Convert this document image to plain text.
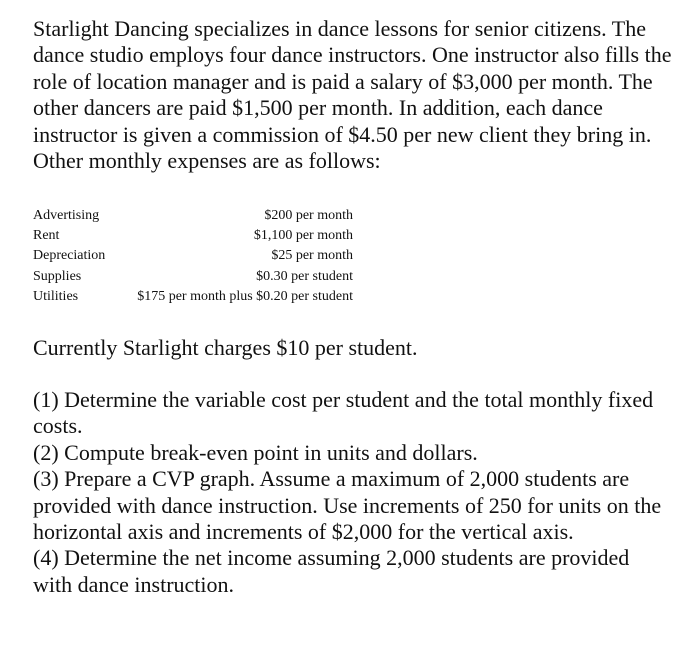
Starlight Dancing specializes in dance lessons for senior citizens. The dance studio employs four dance instructors. One instructor also fills the role of location manager and is paid a salary of $3,000 per month. The other dancers are paid $1,500 per month. In addition, each dance instructor is given a commission of $4.50 per new client they bring in. Other monthly expenses are as follows:

Advertising	$200 per month
Rent	$1,100 per month
Depreciation	$25 per month
Supplies	$0.30 per student
Utilities	$175 per month plus $0.20 per student

Currently Starlight charges $10 per student.

(1) Determine the variable cost per student and the total monthly fixed costs.

(2) Compute break-even point in units and dollars.

(3) Prepare a CVP graph. Assume a maximum of 2,000 students are provided with dance instruction. Use increments of 250 for units on the horizontal axis and increments of $2,000 for the vertical axis.

(4) Determine the net income assuming 2,000 students are provided with dance instruction.
